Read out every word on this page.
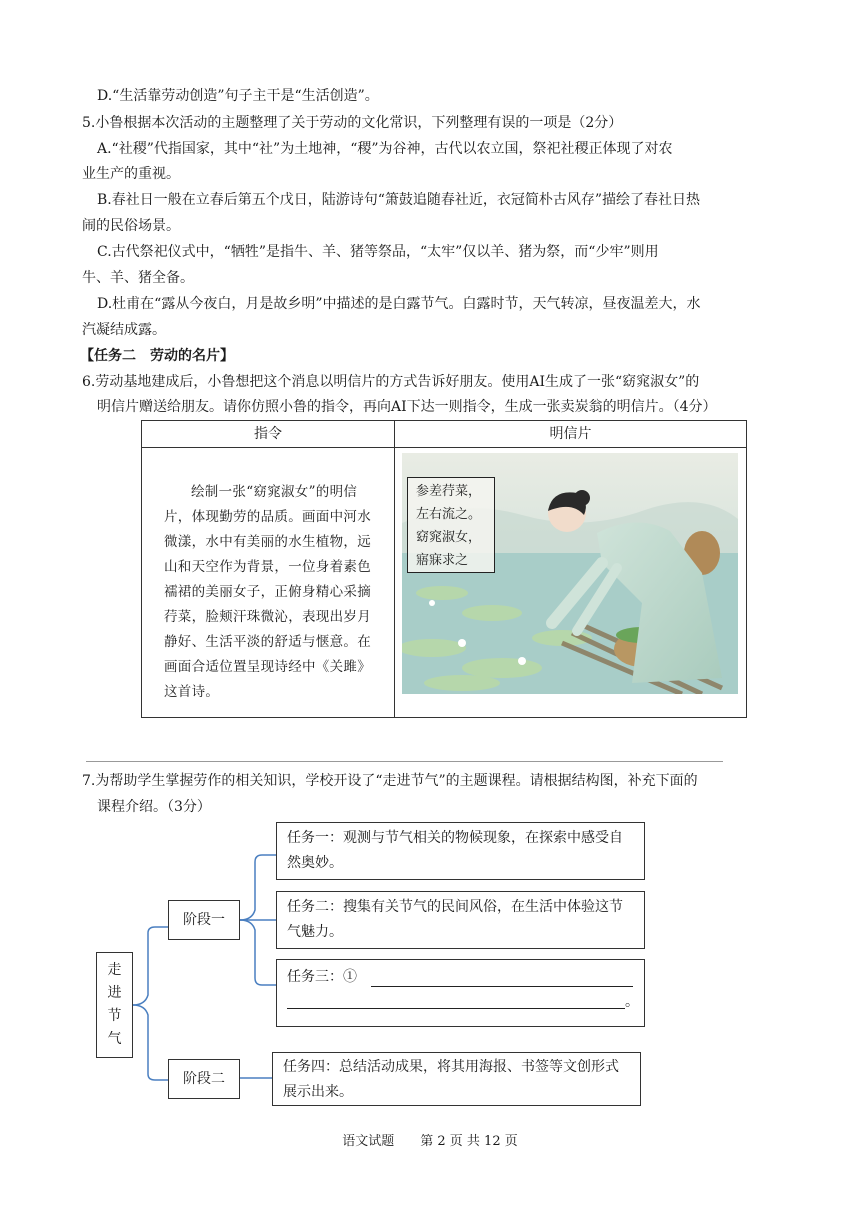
D.“生活靠劳动创造”句子主干是“生活创造”。
5.小鲁根据本次活动的主题整理了关于劳动的文化常识，下列整理有误的一项是（2分）
A.“社稷”代指国家，其中“社”为土地神，“稷”为谷神，古代以农立国，祭祀社稷正体现了对农
业生产的重视。
B.春社日一般在立春后第五个戊日，陆游诗句“箫鼓追随春社近，衣冠简朴古风存”描绘了春社日热
闹的民俗场景。
C.古代祭祀仪式中，“牺牲”是指牛、羊、猪等祭品，“太牢”仅以羊、猪为祭，而“少牢”则用
牛、羊、猪全备。
D.杜甫在“露从今夜白，月是故乡明”中描述的是白露节气。白露时节，天气转凉，昼夜温差大，水
汽凝结成露。
【任务二　劳动的名片】
6.劳动基地建成后，小鲁想把这个消息以明信片的方式告诉好朋友。使用AI生成了一张“窈窕淑女”的
明信片赠送给朋友。请你仿照小鲁的指令，再向AI下达一则指令，生成一张卖炭翁的明信片。（4分）
指令	明信片

绘制一张“窈窕淑女”的明信片，体现勤劳的品质。画面中河水微漾，水中有美丽的水生植物，远山和天空作为背景，一位身着素色襦裙的美丽女子，正俯身精心采摘荇菜，脸颊汗珠微沁，表现出岁月静好、生活平淡的舒适与惬意。在画面合适位置呈现诗经中《关雎》这首诗。	

参差荇菜，
左右流之。
窈窕淑女，
寤寐求之
7.为帮助学生掌握劳作的相关知识，学校开设了“走进节气”的主题课程。请根据结构图，补充下面的
课程介绍。（3分）
走
进
节
气
阶段一
阶段二
任务一：观测与节气相关的物候现象，在探索中感受自然奥妙。
任务二：搜集有关节气的民间风俗，在生活中体验这节气魅力。
任务三：①
。
任务四：总结活动成果，将其用海报、书签等文创形式展示出来。
语文试题　　第 2 页 共 12 页
